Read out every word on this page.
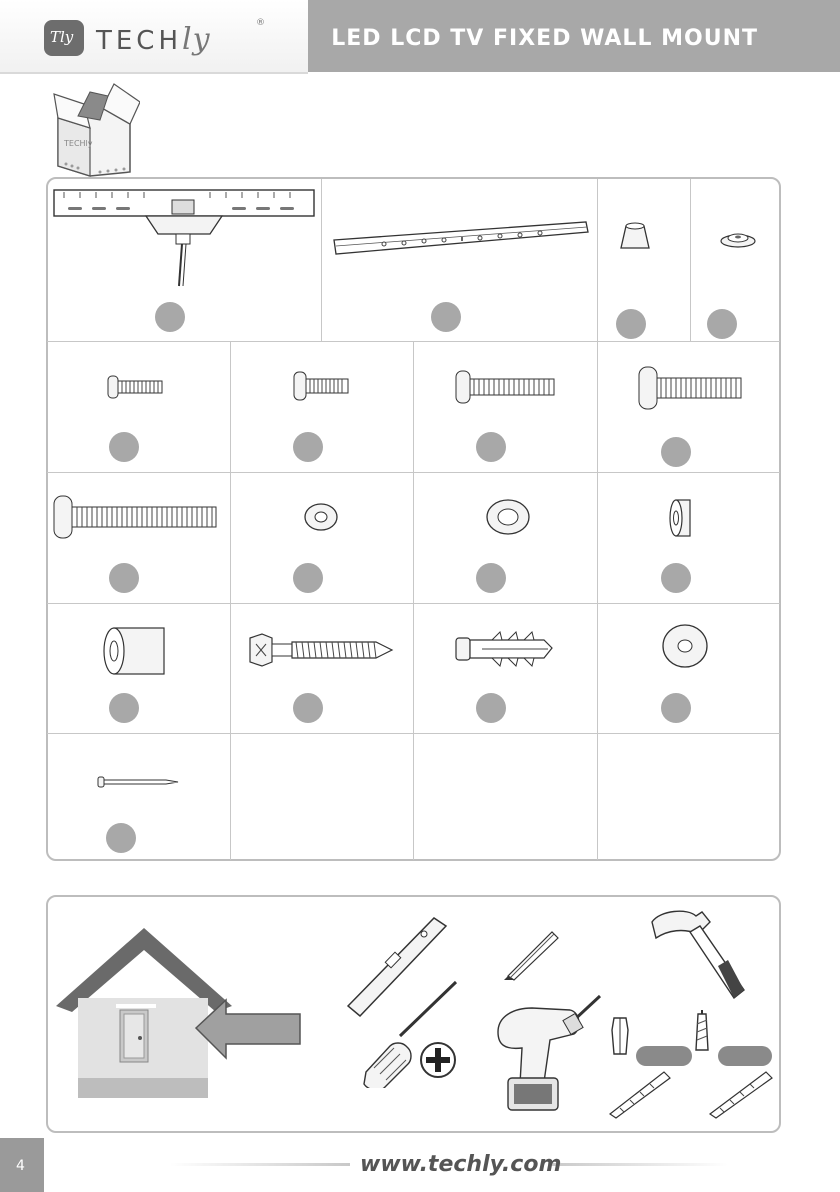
Tly TECHly	®
LED LCD TV FIXED WALL MOUNT
TECHly
4	www.techly.com
